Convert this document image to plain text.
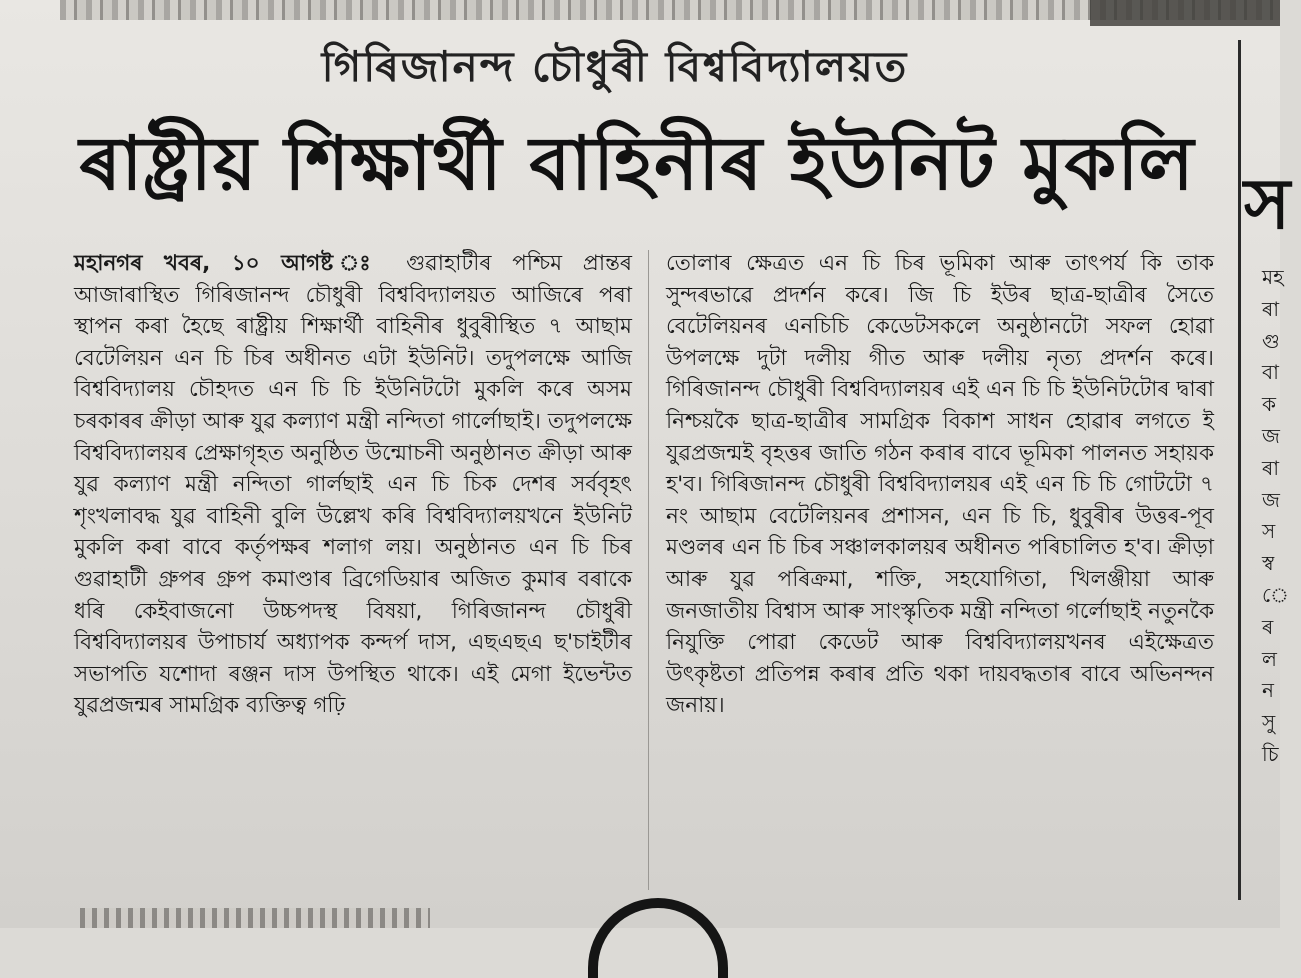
গিৰিজানন্দ চৌধুৰী বিশ্ববিদ্যালয়ত
ৰাষ্ট্ৰীয় শিক্ষাৰ্থী বাহিনীৰ ইউনিট মুকলি
মহানগৰ খবৰ, ১০ আগষ্ট ঃ গুৱাহাটীৰ পশ্চিম প্ৰান্তৰ আজাৰাস্থিত গিৰিজানন্দ চৌধুৰী বিশ্ববিদ্যালয়ত আজিৰে পৰা স্থাপন কৰা হৈছে ৰাষ্ট্ৰীয় শিক্ষাৰ্থী বাহিনীৰ ধুবুৰীস্থিত ৭ আছাম বেটেলিয়ন এন চি চিৰ অধীনত এটা ইউনিট। তদুপলক্ষে আজি বিশ্ববিদ্যালয় চৌহদত এন চি চি ইউনিটটো মুকলি কৰে অসম চৰকাৰৰ ক্ৰীড়া আৰু যুৱ কল্যাণ মন্ত্ৰী নন্দিতা গাৰ্লোছাই। তদুপলক্ষে বিশ্ববিদ্যালয়ৰ প্ৰেক্ষাগৃহত অনুষ্ঠিত উন্মোচনী অনুষ্ঠানত ক্ৰীড়া আৰু যুৱ কল্যাণ মন্ত্ৰী নন্দিতা গাৰ্লছাই এন চি চিক দেশৰ সৰ্ববৃহৎ শৃংখলাবদ্ধ যুৱ বাহিনী বুলি উল্লেখ কৰি বিশ্ববিদ্যালয়খনে ইউনিট মুকলি কৰা বাবে কৰ্তৃপক্ষৰ শলাগ লয়। অনুষ্ঠানত এন চি চিৰ গুৱাহাটী গ্ৰুপৰ গ্ৰুপ কমাণ্ডাৰ ব্ৰিগেডিয়াৰ অজিত কুমাৰ বৰাকে ধৰি কেইবাজনো উচ্চপদস্থ বিষয়া, গিৰিজানন্দ চৌধুৰী বিশ্ববিদ্যালয়ৰ উপাচাৰ্য অধ্যাপক কন্দৰ্প দাস, এছএছএ ছ'চাইটীৰ সভাপতি যশোদা ৰঞ্জন দাস উপস্থিত থাকে। এই মেগা ইভেন্টত যুৱপ্ৰজন্মৰ সামগ্ৰিক ব্যক্তিত্ব গঢ়ি
তোলাৰ ক্ষেত্ৰত এন চি চিৰ ভূমিকা আৰু তাৎপৰ্য কি তাক সুন্দৰভাৱে প্ৰদৰ্শন কৰে। জি চি ইউৰ ছাত্ৰ-ছাত্ৰীৰ সৈতে বেটেলিয়নৰ এনচিচি কেডেটসকলে অনুষ্ঠানটো সফল হোৱা উপলক্ষে দুটা দলীয় গীত আৰু দলীয় নৃত্য প্ৰদৰ্শন কৰে। গিৰিজানন্দ চৌধুৰী বিশ্ববিদ্যালয়ৰ এই এন চি চি ইউনিটটোৰ দ্বাৰা নিশ্চয়কৈ ছাত্ৰ-ছাত্ৰীৰ সামগ্ৰিক বিকাশ সাধন হোৱাৰ লগতে ই যুৱপ্ৰজন্মই বৃহত্তৰ জাতি গঠন কৰাৰ বাবে ভূমিকা পালনত সহায়ক হ'ব। গিৰিজানন্দ চৌধুৰী বিশ্ববিদ্যালয়ৰ এই এন চি চি গোটটো ৭ নং আছাম বেটেলিয়নৰ প্ৰশাসন, এন চি চি, ধুবুৰীৰ উত্তৰ-পূব মণ্ডলৰ এন চি চিৰ সঞ্চালকালয়ৰ অধীনত পৰিচালিত হ'ব। ক্ৰীড়া আৰু যুৱ পৰিক্ৰমা, শক্তি, সহযোগিতা, খিলঞ্জীয়া আৰু জনজাতীয় বিশ্বাস আৰু সাংস্কৃতিক মন্ত্ৰী নন্দিতা গৰ্লোছাই নতুনকৈ নিযুক্তি পোৱা কেডেট আৰু বিশ্ববিদ্যালয়খনৰ এইক্ষেত্ৰত উৎকৃষ্টতা প্ৰতিপন্ন কৰাৰ প্ৰতি থকা দায়বদ্ধতাৰ বাবে অভিনন্দন জনায়।
স
মহ
ৰা
গু
বা
ক
জ
ৰা
জ
স
স্ব
ে
ৰ
ল
ন
সু
চি
